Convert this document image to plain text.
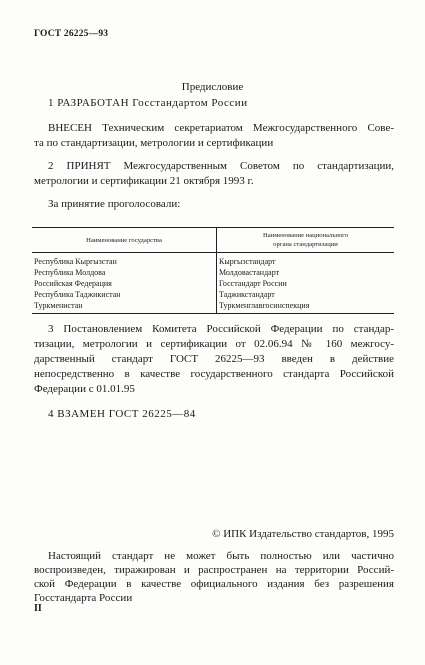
ГОСТ 26225—93
Предисловие
1 РАЗРАБОТАН Госстандартом России
ВНЕСЕН Техническим секретариатом Межгосударственного Сове-
та по стандартизации, метрологии и сертификации
2 ПРИНЯТ Межгосударственным Советом по стандартизации,
метрологии и сертификации 21 октября 1993 г.
За принятие проголосовали:
Наименование государства	Наименование национального
органа стандартизации

Республика Кыргызстан	Кыргызстандарт
Республика Молдова	Молдовастандарт
Российская Федерация	Госстандарт России
Республика Таджикистан	Таджикстандарт
Туркменистан	Туркменглавгосинспекция
3 Постановлением Комитета Российской Федерации по стандар-
тизации, метрологии и сертификации от 02.06.94 № 160 межгосу-
дарственный стандарт ГОСТ 26225—93 введен в действие
непосредственно в качестве государственного стандарта Российской
Федерации с 01.01.95
4 ВЗАМЕН ГОСТ 26225—84
© ИПК Издательство стандартов, 1995
Настоящий стандарт не может быть полностью или частично
воспроизведен, тиражирован и распространен на территории Россий-
ской Федерации в качестве официального издания без разрешения
Госстандарта России
II
